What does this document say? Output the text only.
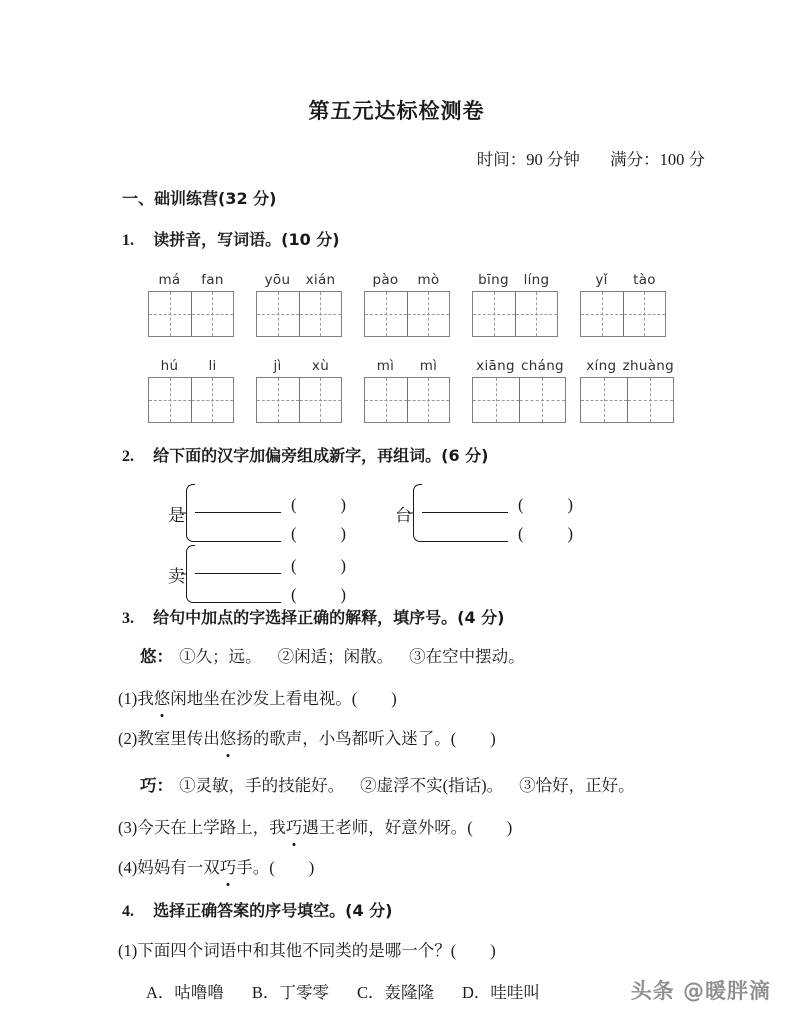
第五元达标检测卷
时间：90 分钟 满分：100 分
一、础训练营(32 分)
1. 读拼音，写词语。(10 分)
má	fan	yōu	xián	pào	mò	bīng	líng	yǐ	tào
hú	li	jì	xù	mì	mì	xiāng cháng	xíng zhuàng
2. 给下面的汉字加偏旁组成新字，再组词。(6 分)
是
(	)
(	)
台
(	)
(	)
卖
(	)
(	)
3. 给句中加点的字选择正确的解释，填序号。(4 分)
悠： ①久；远。 ②闲适；闲散。 ③在空中摆动。
(1)我悠闲地坐在沙发上看电视。( )
(2)教室里传出悠扬的歌声，小鸟都听入迷了。( )
巧： ①灵敏，手的技能好。 ②虚浮不实(指话)。 ③恰好，正好。
(3)今天在上学路上，我巧遇王老师，好意外呀。( )
(4)妈妈有一双巧手。( )
4. 选择正确答案的序号填空。(4 分)
(1)下面四个词语中和其他不同类的是哪一个？( )
A．咕噜噜 B．丁零零 C．轰隆隆 D．哇哇叫	头条 @暖胖滴
